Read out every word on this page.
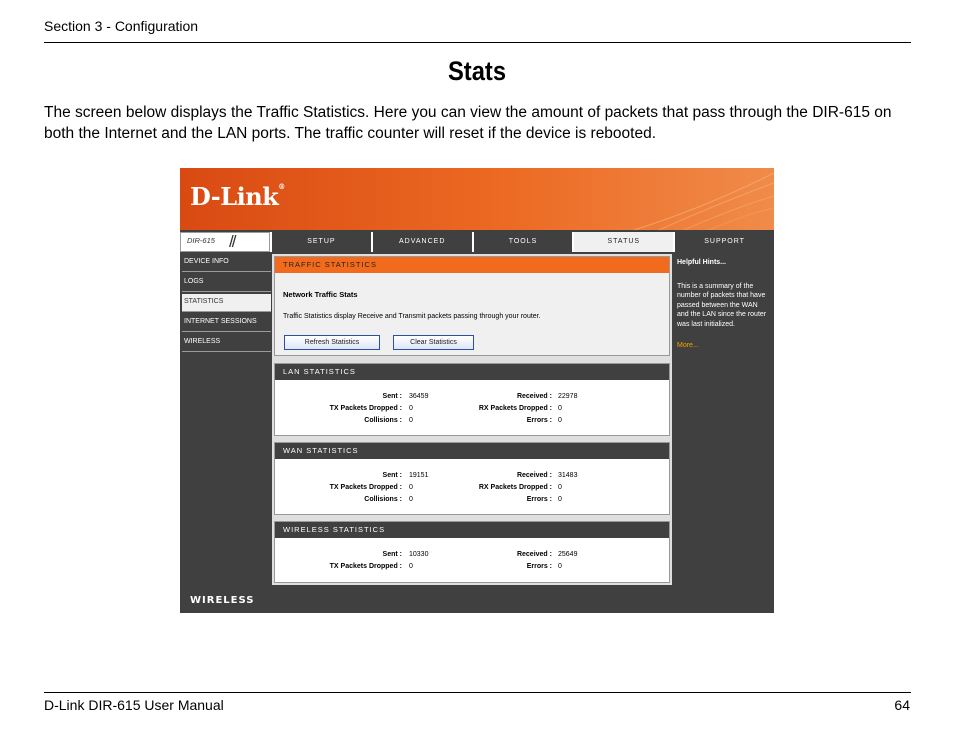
Section 3 - Configuration
Stats
The screen below displays the Traffic Statistics. Here you can view the amount of packets that pass through the DIR-615 on both the Internet and the LAN ports. The traffic counter will reset if the device is rebooted.
D-Link®
DIR-615 //	SETUP	ADVANCED	TOOLS	STATUS	SUPPORT
DEVICE INFO
LOGS
STATISTICS
INTERNET SESSIONS
WIRELESS
TRAFFIC STATISTICS
Network Traffic Stats
Traffic Statistics display Receive and Transmit packets passing through your router.
Refresh Statistics	Clear Statistics
LAN STATISTICS
Sent : 36459	Received : 22978
TX Packets Dropped : 0	RX Packets Dropped : 0
Collisions : 0	Errors : 0
WAN STATISTICS
Sent : 19151	Received : 31483
TX Packets Dropped : 0	RX Packets Dropped : 0
Collisions : 0	Errors : 0
WIRELESS STATISTICS
Sent : 10330	Received : 25649
TX Packets Dropped : 0	Errors : 0
Helpful Hints...
This is a summary of the number of packets that have passed between the WAN and the LAN since the router was last initialized.
More...
WIRELESS
D-Link DIR-615 User Manual	64
